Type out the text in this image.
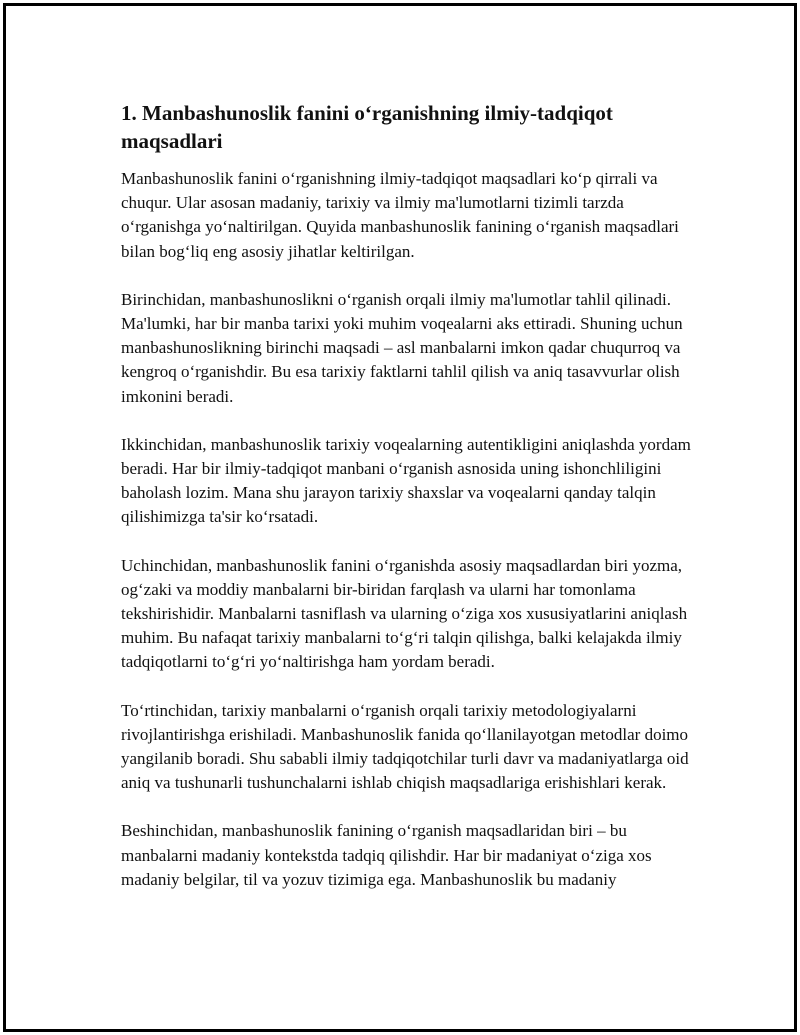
1. Manbashunoslik fanini o‘rganishning ilmiy-tadqiqot maqsadlari

Manbashunoslik fanini o‘rganishning ilmiy-tadqiqot maqsadlari ko‘p qirrali va chuqur. Ular asosan madaniy, tarixiy va ilmiy ma'lumotlarni tizimli tarzda o‘rganishga yo‘naltirilgan. Quyida manbashunoslik fanining o‘rganish maqsadlari bilan bog‘liq eng asosiy jihatlar keltirilgan.

Birinchidan, manbashunoslikni o‘rganish orqali ilmiy ma'lumotlar tahlil qilinadi. Ma'lumki, har bir manba tarixi yoki muhim voqealarni aks ettiradi. Shuning uchun manbashunoslikning birinchi maqsadi – asl manbalarni imkon qadar chuqurroq va kengroq o‘rganishdir. Bu esa tarixiy faktlarni tahlil qilish va aniq tasavvurlar olish imkonini beradi.

Ikkinchidan, manbashunoslik tarixiy voqealarning autentikligini aniqlashda yordam beradi. Har bir ilmiy-tadqiqot manbani o‘rganish asnosida uning ishonchliligini baholash lozim. Mana shu jarayon tarixiy shaxslar va voqealarni qanday talqin qilishimizga ta'sir ko‘rsatadi.

Uchinchidan, manbashunoslik fanini o‘rganishda asosiy maqsadlardan biri yozma, og‘zaki va moddiy manbalarni bir-biridan farqlash va ularni har tomonlama tekshirishidir. Manbalarni tasniflash va ularning o‘ziga xos xususiyatlarini aniqlash muhim. Bu nafaqat tarixiy manbalarni to‘g‘ri talqin qilishga, balki kelajakda ilmiy tadqiqotlarni to‘g‘ri yo‘naltirishga ham yordam beradi.

To‘rtinchidan, tarixiy manbalarni o‘rganish orqali tarixiy metodologiyalarni rivojlantirishga erishiladi. Manbashunoslik fanida qo‘llanilayotgan metodlar doimo yangilanib boradi. Shu sababli ilmiy tadqiqotchilar turli davr va madaniyatlarga oid aniq va tushunarli tushunchalarni ishlab chiqish maqsadlariga erishishlari kerak.

Beshinchidan, manbashunoslik fanining o‘rganish maqsadlaridan biri – bu manbalarni madaniy kontekstda tadqiq qilishdir. Har bir madaniyat o‘ziga xos madaniy belgilar, til va yozuv tizimiga ega. Manbashunoslik bu madaniy
